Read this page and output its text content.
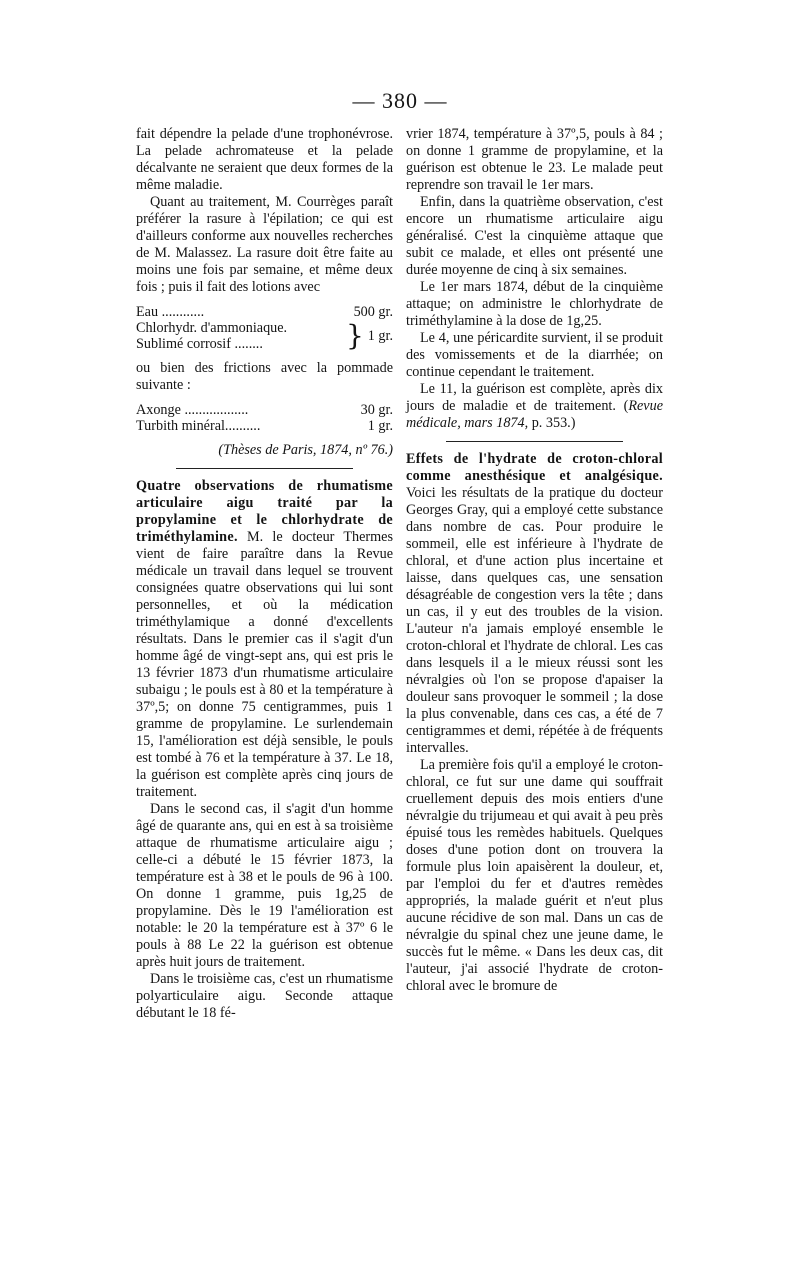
— 380 —

fait dépendre la pelade d'une trophonévrose. La pelade achromateuse et la pelade décalvante ne seraient que deux formes de la même maladie.

Quant au traitement, M. Courrèges paraît préférer la rasure à l'épilation; ce qui est d'ailleurs conforme aux nouvelles recherches de M. Malassez. La rasure doit être faite au moins une fois par semaine, et même deux fois ; puis il fait des lotions avec

Eau ............	500 gr.
Chlorhydr. d'ammoniaque.
Sublimé corrosif ........	} 1 gr.

ou bien des frictions avec la pommade suivante :

Axonge ..................	30 gr.
Turbith minéral..........	1 gr.
(Thèses de Paris, 1874, nº 76.)

Quatre observations de rhumatisme articulaire aigu traité par la propylamine et le chlorhydrate de triméthylamine. M. le docteur Thermes vient de faire paraître dans la Revue médicale un travail dans lequel se trouvent consignées quatre observations qui lui sont personnelles, et où la médication triméthylamique a donné d'excellents résultats. Dans le premier cas il s'agit d'un homme âgé de vingt-sept ans, qui est pris le 13 février 1873 d'un rhumatisme articulaire subaigu ; le pouls est à 80 et la température à 37º,5; on donne 75 centigrammes, puis 1 gramme de propylamine. Le surlendemain 15, l'amélioration est déjà sensible, le pouls est tombé à 76 et la température à 37. Le 18, la guérison est complète après cinq jours de traitement.

Dans le second cas, il s'agit d'un homme âgé de quarante ans, qui en est à sa troisième attaque de rhumatisme articulaire aigu ; celle-ci a débuté le 15 février 1873, la température est à 38 et le pouls de 96 à 100. On donne 1 gramme, puis 1g,25 de propylamine. Dès le 19 l'amélioration est notable: le 20 la température est à 37º 6 le pouls à 88 Le 22 la guérison est obtenue après huit jours de traitement.

Dans le troisième cas, c'est un rhumatisme polyarticulaire aigu. Seconde attaque débutant le 18 fé-

vrier 1874, température à 37º,5, pouls à 84 ; on donne 1 gramme de propylamine, et la guérison est obtenue le 23. Le malade peut reprendre son travail le 1er mars.

Enfin, dans la quatrième observation, c'est encore un rhumatisme articulaire aigu généralisé. C'est la cinquième attaque que subit ce malade, et elles ont présenté une durée moyenne de cinq à six semaines.

Le 1er mars 1874, début de la cinquième attaque; on administre le chlorhydrate de triméthylamine à la dose de 1g,25.

Le 4, une péricardite survient, il se produit des vomissements et de la diarrhée; on continue cependant le traitement.

Le 11, la guérison est complète, après dix jours de maladie et de traitement. (Revue médicale, mars 1874, p. 353.)

Effets de l'hydrate de croton-chloral comme anesthésique et analgésique. Voici les résultats de la pratique du docteur Georges Gray, qui a employé cette substance dans nombre de cas. Pour produire le sommeil, elle est inférieure à l'hydrate de chloral, et d'une action plus incertaine et laisse, dans quelques cas, une sensation désagréable de congestion vers la tête ; dans un cas, il y eut des troubles de la vision. L'auteur n'a jamais employé ensemble le croton-chloral et l'hydrate de chloral. Les cas dans lesquels il a le mieux réussi sont les névralgies où l'on se propose d'apaiser la douleur sans provoquer le sommeil ; la dose la plus convenable, dans ces cas, a été de 7 centigrammes et demi, répétée à de fréquents intervalles.

La première fois qu'il a employé le croton-chloral, ce fut sur une dame qui souffrait cruellement depuis des mois entiers d'une névralgie du trijumeau et qui avait à peu près épuisé tous les remèdes habituels. Quelques doses d'une potion dont on trouvera la formule plus loin apaisèrent la douleur, et, par l'emploi du fer et d'autres remèdes appropriés, la malade guérit et n'eut plus aucune récidive de son mal. Dans un cas de névralgie du spinal chez une jeune dame, le succès fut le même. « Dans les deux cas, dit l'auteur, j'ai associé l'hydrate de croton-chloral avec le bromure de
